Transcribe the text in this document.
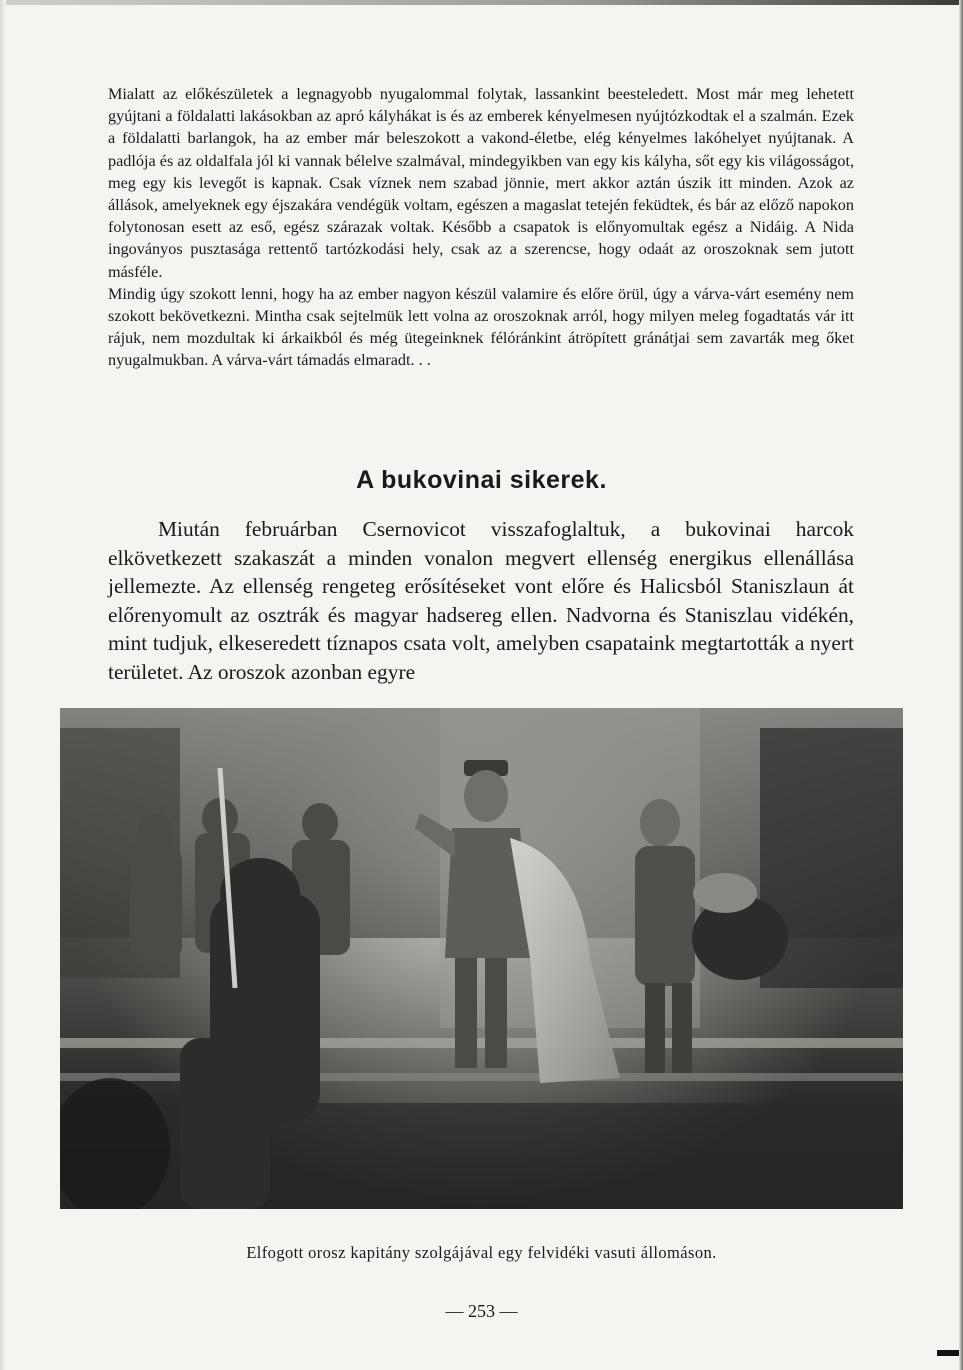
Mialatt az előkészületek a legnagyobb nyugalommal folytak, lassankint beesteledett. Most már meg lehetett gyújtani a földalatti lakásokban az apró kályhákat is és az emberek kényelmesen nyújtózkodtak el a szalmán. Ezek a földalatti barlangok, ha az ember már beleszokott a vakond-életbe, elég kényelmes lakóhelyet nyújtanak. A padlója és az oldalfala jól ki vannak bélelve szalmával, mindegyikben van egy kis kályha, sőt egy kis világosságot, meg egy kis levegőt is kapnak. Csak víznek nem szabad jönnie, mert akkor aztán úszik itt minden. Azok az állások, amelyeknek egy éjszakára vendégük voltam, egészen a magaslat tetején feküdtek, és bár az előző napokon folytonosan esett az eső, egész szárazak voltak. Később a csapatok is előnyomultak egész a Nidáig. A Nida ingoványos pusztasága rettentő tartózkodási hely, csak az a szerencse, hogy odaát az oroszoknak sem jutott másféle.

Mindig úgy szokott lenni, hogy ha az ember nagyon készül valamire és előre örül, úgy a várva-várt esemény nem szokott bekövetkezni. Mintha csak sejtelmük lett volna az oroszoknak arról, hogy milyen meleg fogadtatás vár itt rájuk, nem mozdultak ki árkaikból és még ütegeinknek félóránkint átröpített gránátjai sem zavarták meg őket nyugalmukban. A várva-várt támadás elmaradt. . .

A bukovinai sikerek.

Miután februárban Csernovicot visszafoglaltuk, a bukovinai harcok elkövetkezett szakaszát a minden vonalon megvert ellenség energikus ellenállása jellemezte. Az ellenség rengeteg erősítéseket vont előre és Halicsból Staniszlaun át előrenyomult az osztrák és magyar hadsereg ellen. Nadvorna és Staniszlau vidékén, mint tudjuk, elkeseredett tíznapos csata volt, amelyben csapataink megtartották a nyert területet. Az oroszok azonban egyre

Elfogott orosz kapitány szolgájával egy felvidéki vasuti állomáson.
— 253 —
